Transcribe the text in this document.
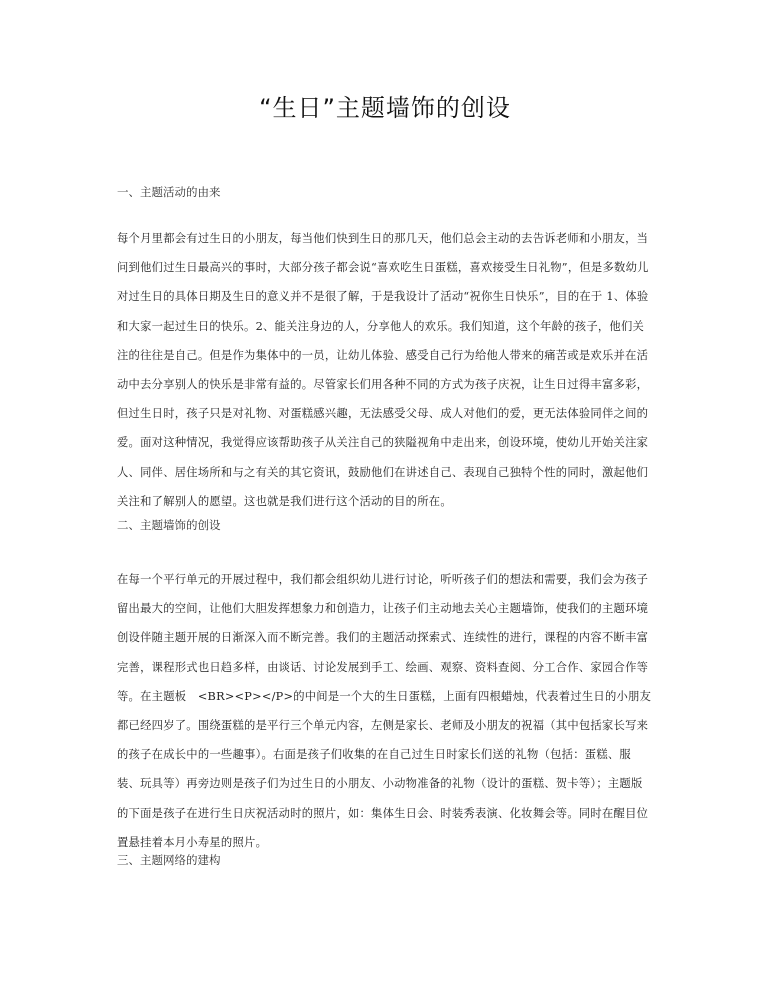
“生日”主题墙饰的创设
一、主题活动的由来
每个月里都会有过生日的小朋友，每当他们快到生日的那几天，他们总会主动的去告诉老师和小朋友，当
问到他们过生日最高兴的事时，大部分孩子都会说“喜欢吃生日蛋糕，喜欢接受生日礼物”，但是多数幼儿
对过生日的具体日期及生日的意义并不是很了解，于是我设计了活动“祝你生日快乐”，目的在于 1、体验
和大家一起过生日的快乐。2、能关注身边的人，分享他人的欢乐。我们知道，这个年龄的孩子，他们关
注的往往是自己。但是作为集体中的一员，让幼儿体验、感受自己行为给他人带来的痛苦或是欢乐并在活
动中去分享别人的快乐是非常有益的。尽管家长们用各种不同的方式为孩子庆祝，让生日过得丰富多彩，
但过生日时，孩子只是对礼物、对蛋糕感兴趣，无法感受父母、成人对他们的爱，更无法体验同伴之间的
爱。面对这种情况，我觉得应该帮助孩子从关注自己的狭隘视角中走出来，创设环境，使幼儿开始关注家
人、同伴、居住场所和与之有关的其它资讯，鼓励他们在讲述自己、表现自己独特个性的同时，激起他们
关注和了解别人的愿望。这也就是我们进行这个活动的目的所在。
二、主题墙饰的创设
在每一个平行单元的开展过程中，我们都会组织幼儿进行讨论，听听孩子们的想法和需要，我们会为孩子
留出最大的空间，让他们大胆发挥想象力和创造力，让孩子们主动地去关心主题墙饰，使我们的主题环境
创设伴随主题开展的日渐深入而不断完善。我们的主题活动探索式、连续性的进行，课程的内容不断丰富
完善，课程形式也日趋多样，由谈话、讨论发展到手工、绘画、观察、资料查阅、分工合作、家园合作等
等。在主题板　<BR><P></P>的中间是一个大的生日蛋糕，上面有四根蜡烛，代表着过生日的小朋友
都已经四岁了。围绕蛋糕的是平行三个单元内容，左侧是家长、老师及小朋友的祝福（其中包括家长写来
的孩子在成长中的一些趣事）。右面是孩子们收集的在自己过生日时家长们送的礼物（包括：蛋糕、服
装、玩具等）再旁边则是孩子们为过生日的小朋友、小动物准备的礼物（设计的蛋糕、贺卡等）；主题版
的下面是孩子在进行生日庆祝活动时的照片，如：集体生日会、时装秀表演、化妆舞会等。同时在醒目位
置悬挂着本月小寿星的照片。
三、主题网络的建构
